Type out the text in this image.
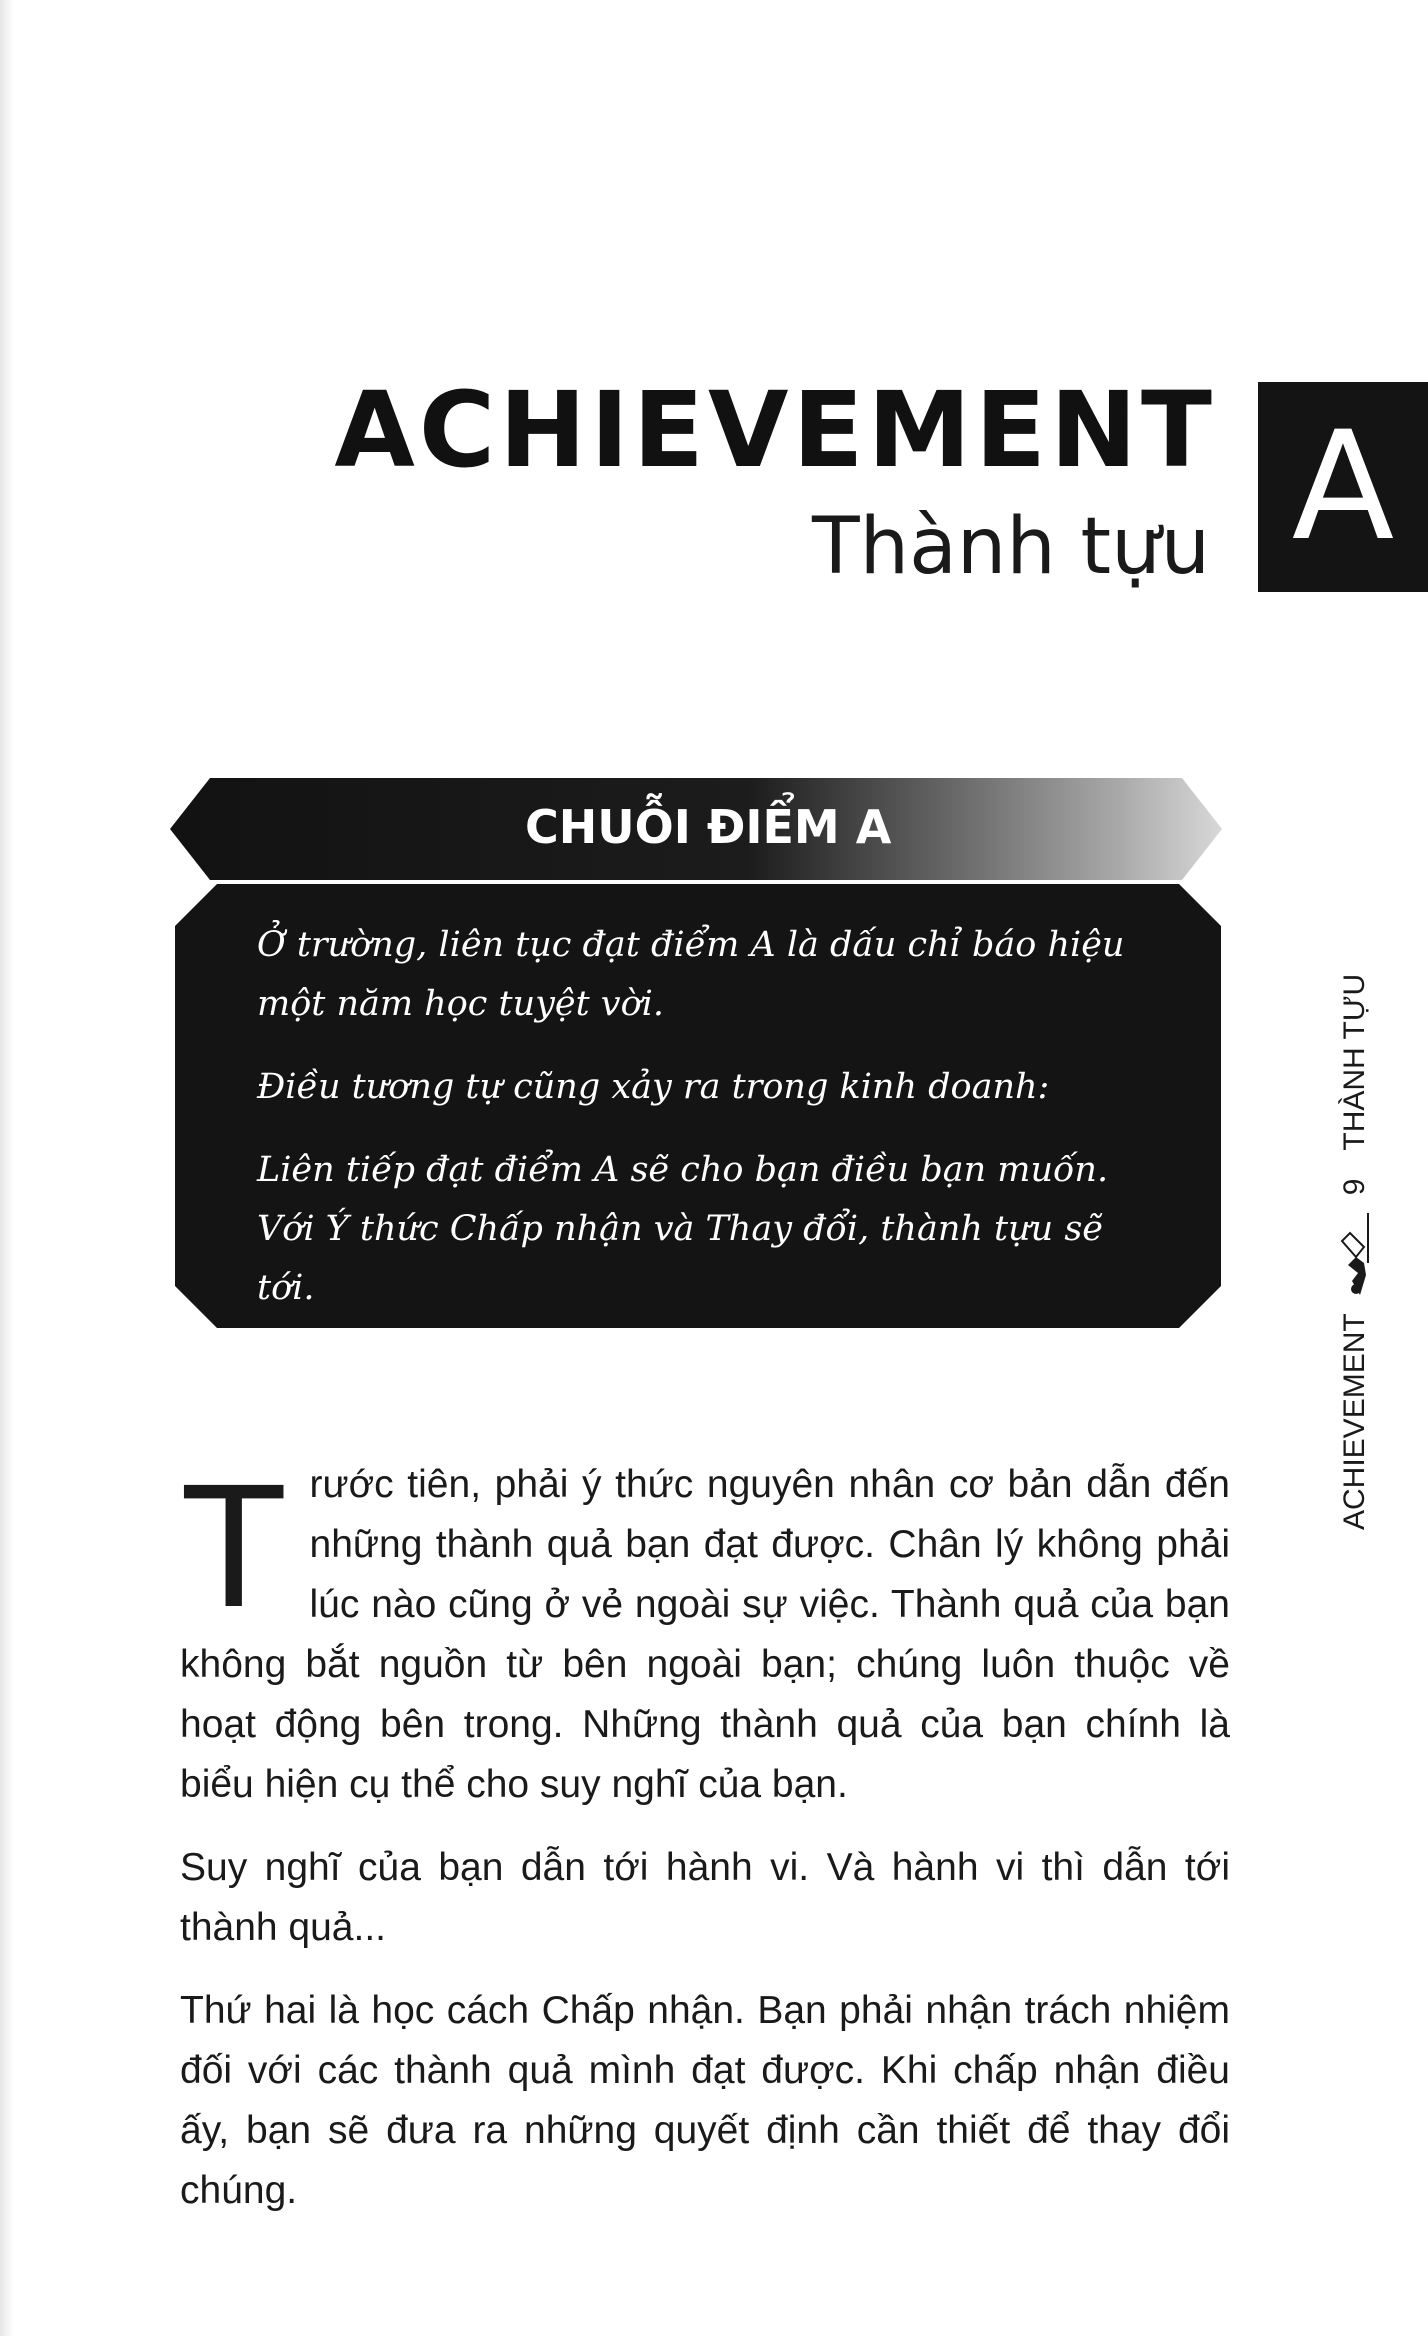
ACHIEVEMENT
Thành tựu A
ACHIEVEMENT
9
THÀNH TỰU
CHUỖI ĐIỂM A

Ở trường, liên tục đạt điểm A là dấu chỉ báo hiệu một năm học tuyệt vời.

Điều tương tự cũng xảy ra trong kinh doanh:

Liên tiếp đạt điểm A sẽ cho bạn điều bạn muốn. Với Ý thức Chấp nhận và Thay đổi, thành tựu sẽ tới.

Trước tiên, phải ý thức nguyên nhân cơ bản dẫn đến những thành quả bạn đạt được. Chân lý không phải lúc nào cũng ở vẻ ngoài sự việc. Thành quả của bạn không bắt nguồn từ bên ngoài bạn; chúng luôn thuộc về hoạt động bên trong. Những thành quả của bạn chính là biểu hiện cụ thể cho suy nghĩ của bạn.

Suy nghĩ của bạn dẫn tới hành vi. Và hành vi thì dẫn tới thành quả...

Thứ hai là học cách Chấp nhận. Bạn phải nhận trách nhiệm đối với các thành quả mình đạt được. Khi chấp nhận điều ấy, bạn sẽ đưa ra những quyết định cần thiết để thay đổi chúng.
